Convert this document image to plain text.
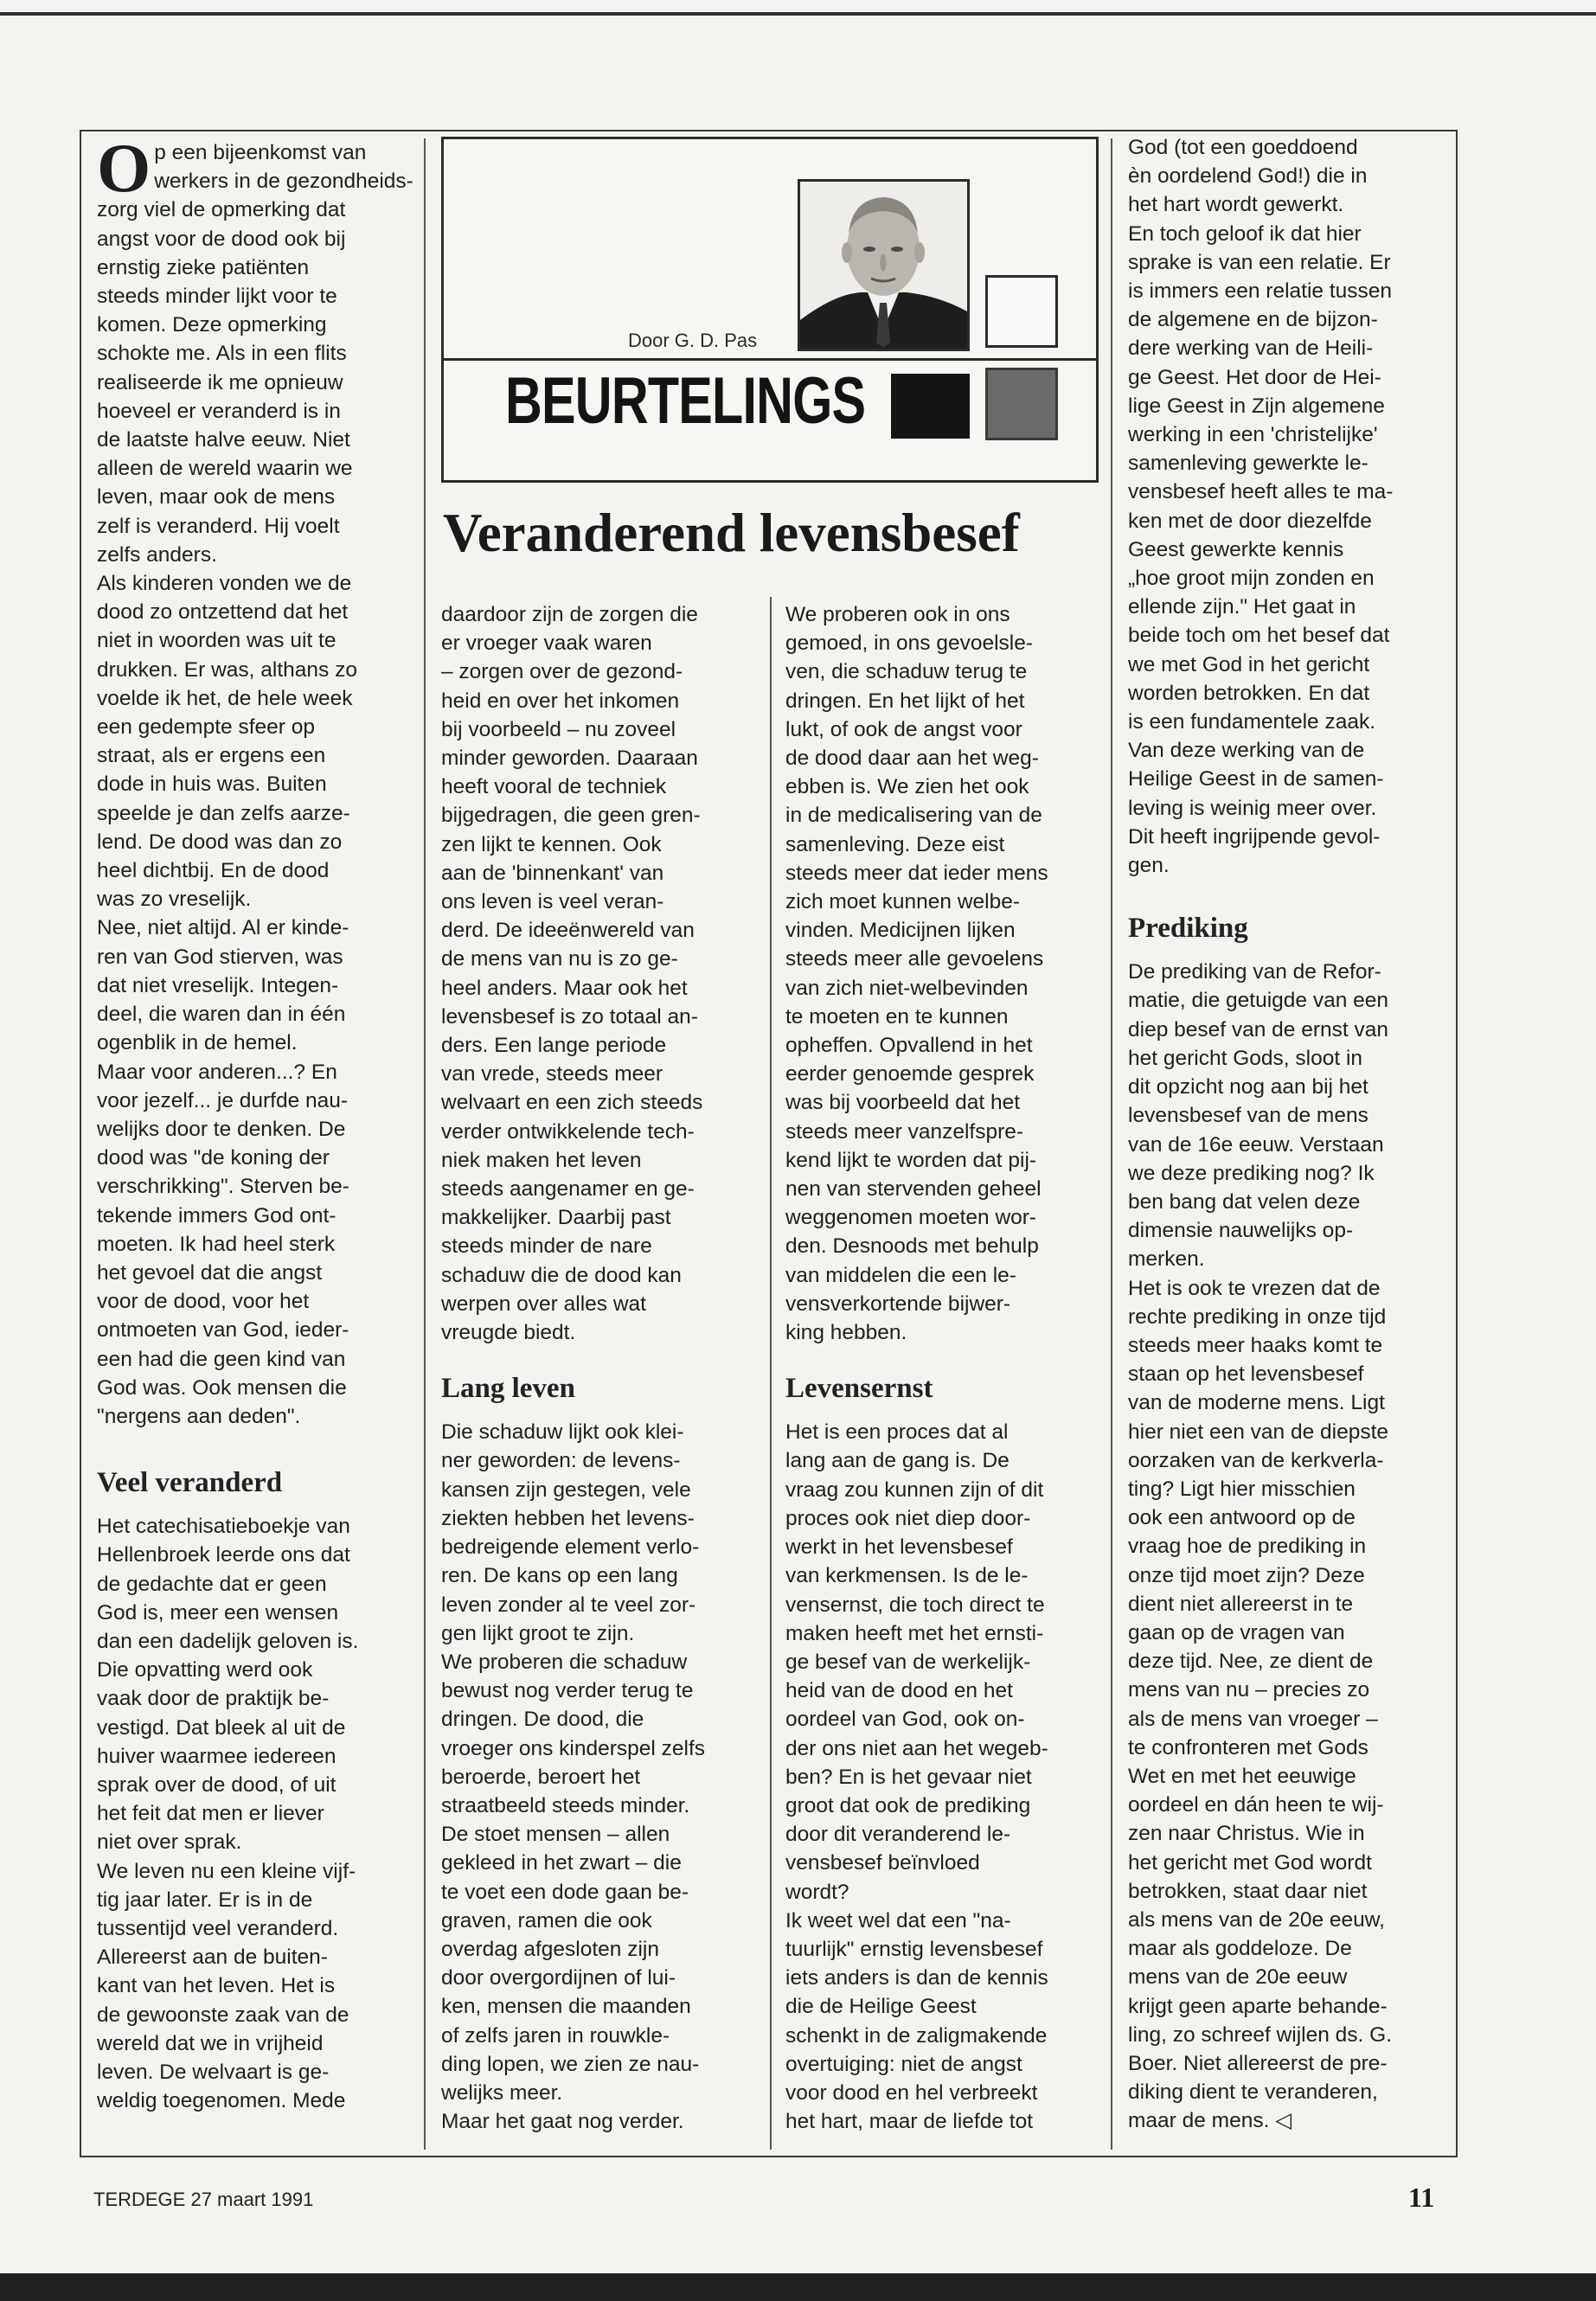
Door G. D. Pas
BEURTELINGS
Veranderend levensbesef
O p een bijeenkomst van
werkers in de gezondheids-
zorg viel de opmerking dat
angst voor de dood ook bij
ernstig zieke patiënten
steeds minder lijkt voor te
komen. Deze opmerking
schokte me. Als in een flits
realiseerde ik me opnieuw
hoeveel er veranderd is in
de laatste halve eeuw. Niet
alleen de wereld waarin we
leven, maar ook de mens
zelf is veranderd. Hij voelt
zelfs anders.
Als kinderen vonden we de
dood zo ontzettend dat het
niet in woorden was uit te
drukken. Er was, althans zo
voelde ik het, de hele week
een gedempte sfeer op
straat, als er ergens een
dode in huis was. Buiten
speelde je dan zelfs aarze-
lend. De dood was dan zo
heel dichtbij. En de dood
was zo vreselijk.
Nee, niet altijd. Al er kinde-
ren van God stierven, was
dat niet vreselijk. Integen-
deel, die waren dan in één
ogenblik in de hemel.
Maar voor anderen...? En
voor jezelf... je durfde nau-
welijks door te denken. De
dood was "de koning der
verschrikking". Sterven be-
tekende immers God ont-
moeten. Ik had heel sterk
het gevoel dat die angst
voor de dood, voor het
ontmoeten van God, ieder-
een had die geen kind van
God was. Ook mensen die
"nergens aan deden".
Veel veranderd
Het catechisatieboekje van
Hellenbroek leerde ons dat
de gedachte dat er geen
God is, meer een wensen
dan een dadelijk geloven is.
Die opvatting werd ook
vaak door de praktijk be-
vestigd. Dat bleek al uit de
huiver waarmee iedereen
sprak over de dood, of uit
het feit dat men er liever
niet over sprak.
We leven nu een kleine vijf-
tig jaar later. Er is in de
tussentijd veel veranderd.
Allereerst aan de buiten-
kant van het leven. Het is
de gewoonste zaak van de
wereld dat we in vrijheid
leven. De welvaart is ge-
weldig toegenomen. Mede
daardoor zijn de zorgen die
er vroeger vaak waren
– zorgen over de gezond-
heid en over het inkomen
bij voorbeeld – nu zoveel
minder geworden. Daaraan
heeft vooral de techniek
bijgedragen, die geen gren-
zen lijkt te kennen. Ook
aan de 'binnenkant' van
ons leven is veel veran-
derd. De ideeënwereld van
de mens van nu is zo ge-
heel anders. Maar ook het
levensbesef is zo totaal an-
ders. Een lange periode
van vrede, steeds meer
welvaart en een zich steeds
verder ontwikkelende tech-
niek maken het leven
steeds aangenamer en ge-
makkelijker. Daarbij past
steeds minder de nare
schaduw die de dood kan
werpen over alles wat
vreugde biedt.
Lang leven
Die schaduw lijkt ook klei-
ner geworden: de levens-
kansen zijn gestegen, vele
ziekten hebben het levens-
bedreigende element verlo-
ren. De kans op een lang
leven zonder al te veel zor-
gen lijkt groot te zijn.
We proberen die schaduw
bewust nog verder terug te
dringen. De dood, die
vroeger ons kinderspel zelfs
beroerde, beroert het
straatbeeld steeds minder.
De stoet mensen – allen
gekleed in het zwart – die
te voet een dode gaan be-
graven, ramen die ook
overdag afgesloten zijn
door overgordijnen of lui-
ken, mensen die maanden
of zelfs jaren in rouwkle-
ding lopen, we zien ze nau-
welijks meer.
Maar het gaat nog verder.
We proberen ook in ons
gemoed, in ons gevoelsle-
ven, die schaduw terug te
dringen. En het lijkt of het
lukt, of ook de angst voor
de dood daar aan het weg-
ebben is. We zien het ook
in de medicalisering van de
samenleving. Deze eist
steeds meer dat ieder mens
zich moet kunnen welbe-
vinden. Medicijnen lijken
steeds meer alle gevoelens
van zich niet-welbevinden
te moeten en te kunnen
opheffen. Opvallend in het
eerder genoemde gesprek
was bij voorbeeld dat het
steeds meer vanzelfspre-
kend lijkt te worden dat pij-
nen van stervenden geheel
weggenomen moeten wor-
den. Desnoods met behulp
van middelen die een le-
vensverkortende bijwer-
king hebben.
Levensernst
Het is een proces dat al
lang aan de gang is. De
vraag zou kunnen zijn of dit
proces ook niet diep door-
werkt in het levensbesef
van kerkmensen. Is de le-
vensernst, die toch direct te
maken heeft met het ernsti-
ge besef van de werkelijk-
heid van de dood en het
oordeel van God, ook on-
der ons niet aan het wegeb-
ben? En is het gevaar niet
groot dat ook de prediking
door dit veranderend le-
vensbesef beïnvloed
wordt?
Ik weet wel dat een "na-
tuurlijk" ernstig levensbesef
iets anders is dan de kennis
die de Heilige Geest
schenkt in de zaligmakende
overtuiging: niet de angst
voor dood en hel verbreekt
het hart, maar de liefde tot
God (tot een goeddoend
èn oordelend God!) die in
het hart wordt gewerkt.
En toch geloof ik dat hier
sprake is van een relatie. Er
is immers een relatie tussen
de algemene en de bijzon-
dere werking van de Heili-
ge Geest. Het door de Hei-
lige Geest in Zijn algemene
werking in een 'christelijke'
samenleving gewerkte le-
vensbesef heeft alles te ma-
ken met de door diezelfde
Geest gewerkte kennis
„hoe groot mijn zonden en
ellende zijn." Het gaat in
beide toch om het besef dat
we met God in het gericht
worden betrokken. En dat
is een fundamentele zaak.
Van deze werking van de
Heilige Geest in de samen-
leving is weinig meer over.
Dit heeft ingrijpende gevol-
gen.
Prediking
De prediking van de Refor-
matie, die getuigde van een
diep besef van de ernst van
het gericht Gods, sloot in
dit opzicht nog aan bij het
levensbesef van de mens
van de 16e eeuw. Verstaan
we deze prediking nog? Ik
ben bang dat velen deze
dimensie nauwelijks op-
merken.
Het is ook te vrezen dat de
rechte prediking in onze tijd
steeds meer haaks komt te
staan op het levensbesef
van de moderne mens. Ligt
hier niet een van de diepste
oorzaken van de kerkverla-
ting? Ligt hier misschien
ook een antwoord op de
vraag hoe de prediking in
onze tijd moet zijn? Deze
dient niet allereerst in te
gaan op de vragen van
deze tijd. Nee, ze dient de
mens van nu – precies zo
als de mens van vroeger –
te confronteren met Gods
Wet en met het eeuwige
oordeel en dán heen te wij-
zen naar Christus. Wie in
het gericht met God wordt
betrokken, staat daar niet
als mens van de 20e eeuw,
maar als goddeloze. De
mens van de 20e eeuw
krijgt geen aparte behande-
ling, zo schreef wijlen ds. G.
Boer. Niet allereerst de pre-
diking dient te veranderen,
maar de mens. ◁
TERDEGE 27 maart 1991	11
